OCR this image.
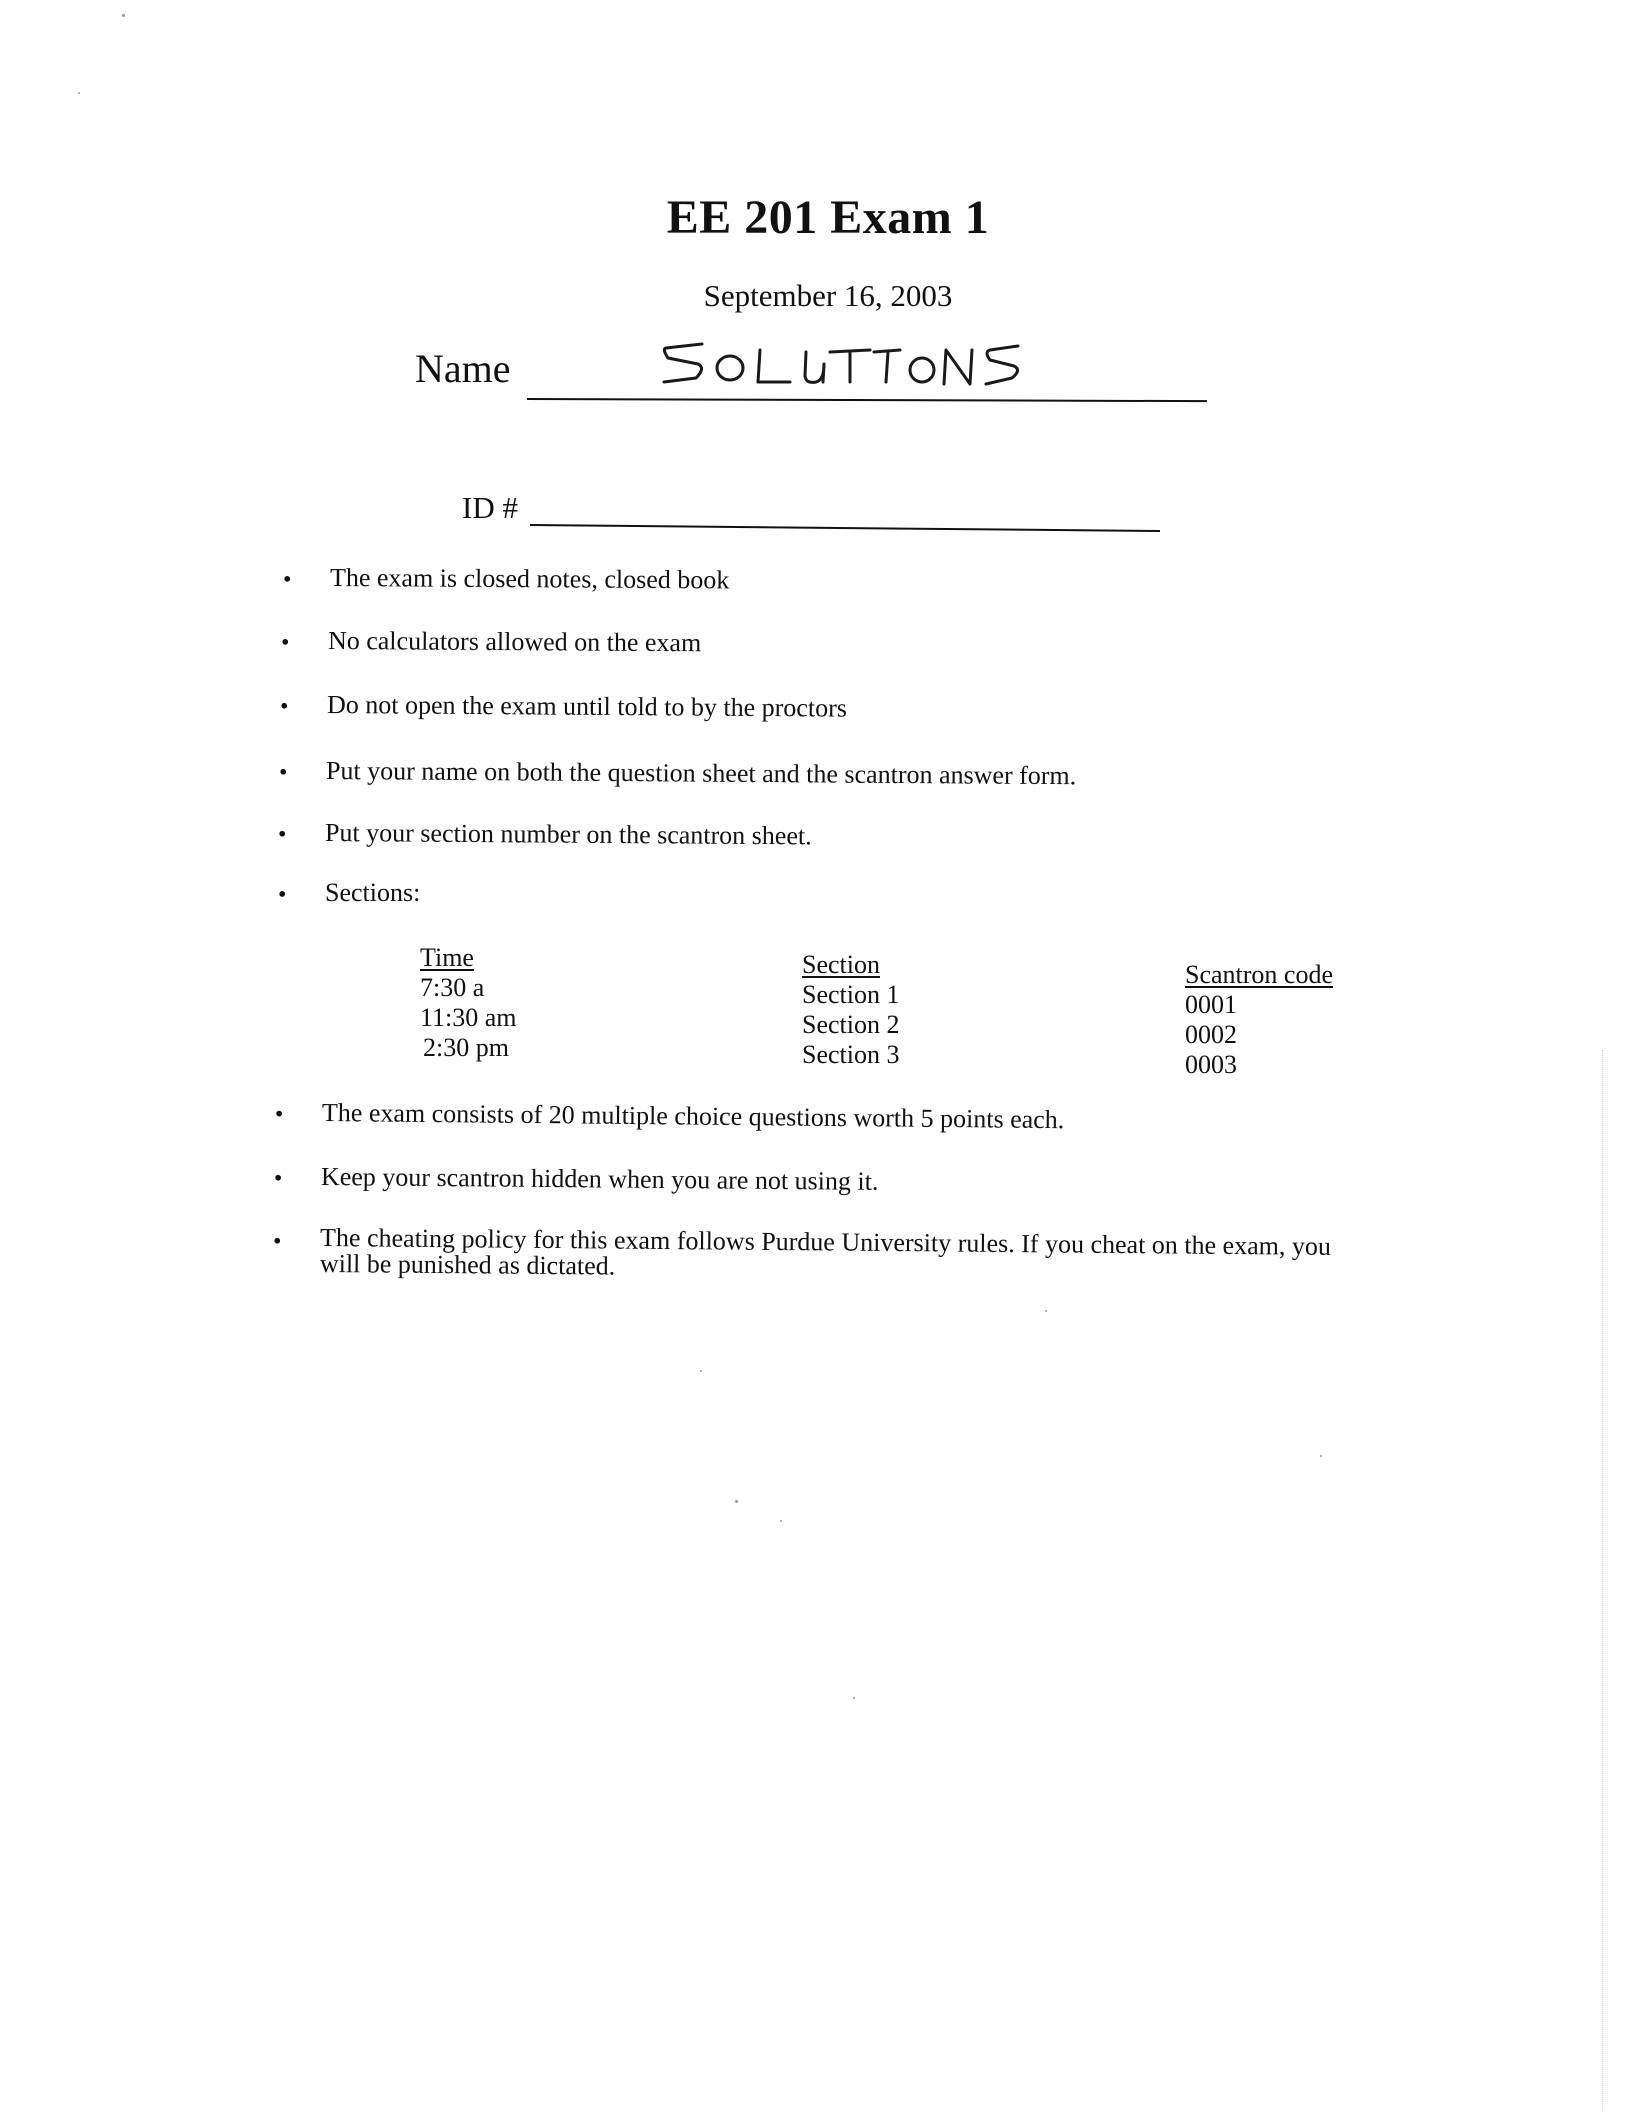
EE 201 Exam 1
September 16, 2003
Name
ID #
• The exam is closed notes, closed book
• No calculators allowed on the exam
• Do not open the exam until told to by the proctors
• Put your name on both the question sheet and the scantron answer form.
• Put your section number on the scantron sheet.
• Sections:
Time
7:30 a
11:30 am
2:30 pm
Section
Section 1
Section 2
Section 3
Scantron code
0001
0002
0003
• The exam consists of 20 multiple choice questions worth 5 points each.
• Keep your scantron hidden when you are not using it.
• The cheating policy for this exam follows Purdue University rules. If you cheat on the exam, you will be punished as dictated.
